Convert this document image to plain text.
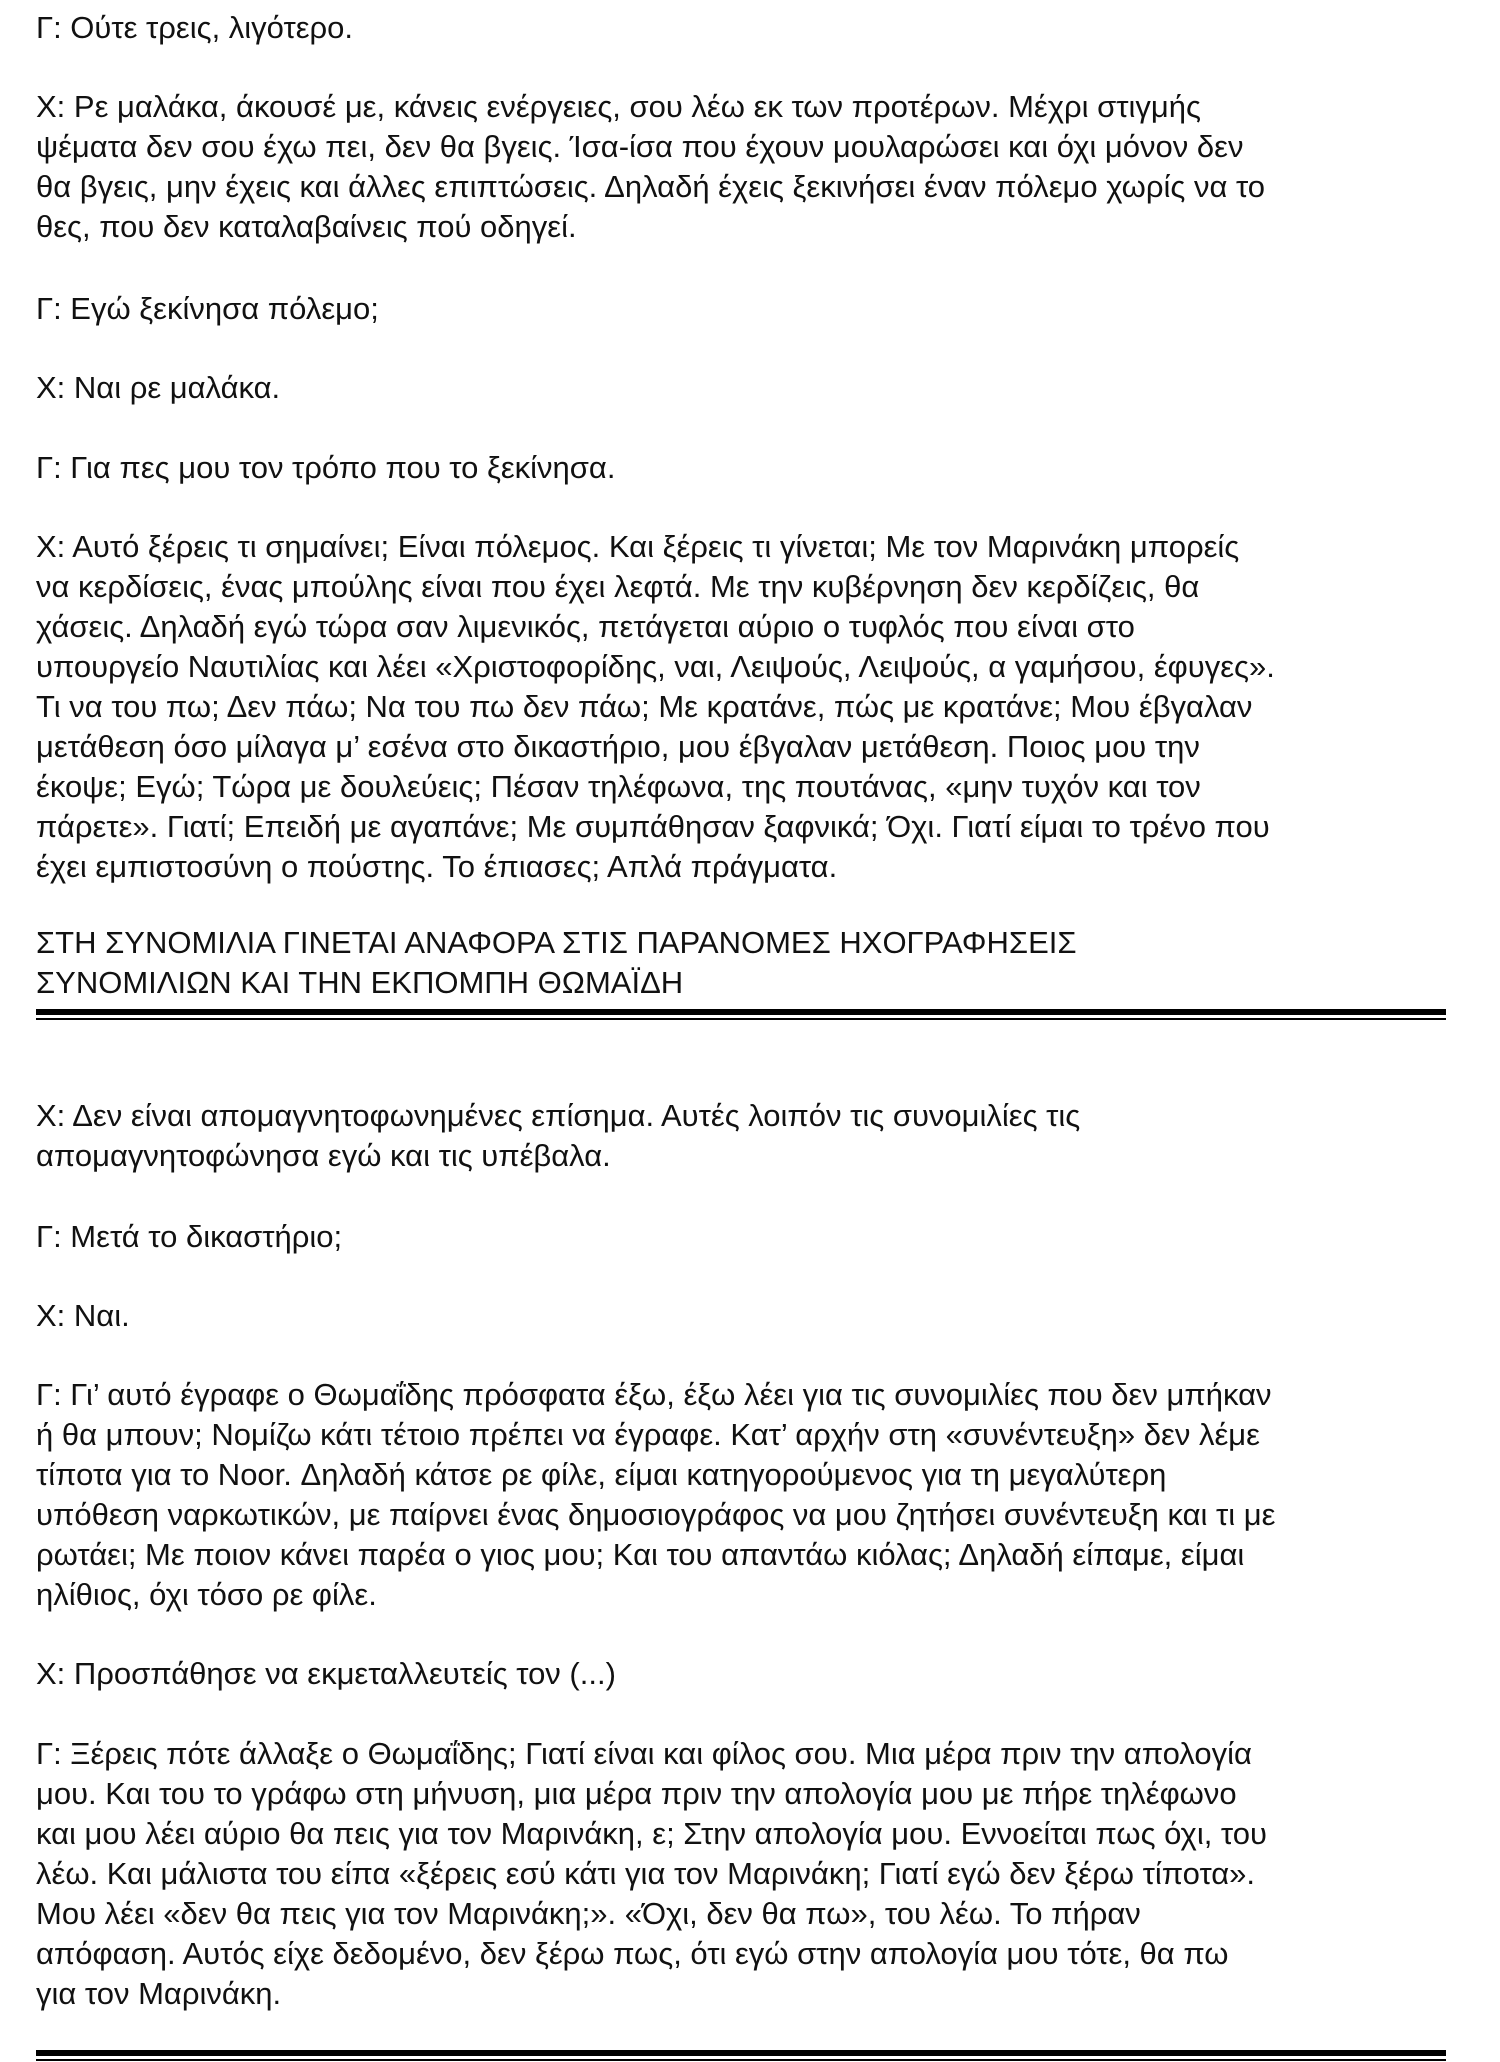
Γ: Ούτε τρεις, λιγότερο.

Χ: Ρε μαλάκα, άκουσέ με, κάνεις ενέργειες, σου λέω εκ των προτέρων. Μέχρι στιγμής
ψέματα δεν σου έχω πει, δεν θα βγεις. Ίσα-ίσα που έχουν μουλαρώσει και όχι μόνον δεν
θα βγεις, μην έχεις και άλλες επιπτώσεις. Δηλαδή έχεις ξεκινήσει έναν πόλεμο χωρίς να το
θες, που δεν καταλαβαίνεις πού οδηγεί.

Γ: Εγώ ξεκίνησα πόλεμο;

Χ: Ναι ρε μαλάκα.

Γ: Για πες μου τον τρόπο που το ξεκίνησα.

Χ: Αυτό ξέρεις τι σημαίνει; Είναι πόλεμος. Και ξέρεις τι γίνεται; Με τον Μαρινάκη μπορείς
να κερδίσεις, ένας μπούλης είναι που έχει λεφτά. Με την κυβέρνηση δεν κερδίζεις, θα
χάσεις. Δηλαδή εγώ τώρα σαν λιμενικός, πετάγεται αύριο ο τυφλός που είναι στο
υπουργείο Ναυτιλίας και λέει «Χριστοφορίδης, ναι, Λειψούς, Λειψούς, α γαμήσου, έφυγες».
Τι να του πω; Δεν πάω; Να του πω δεν πάω; Με κρατάνε, πώς με κρατάνε; Μου έβγαλαν
μετάθεση όσο μίλαγα μ’ εσένα στο δικαστήριο, μου έβγαλαν μετάθεση. Ποιος μου την
έκοψε; Εγώ; Τώρα με δουλεύεις; Πέσαν τηλέφωνα, της πουτάνας, «μην τυχόν και τον
πάρετε». Γιατί; Επειδή με αγαπάνε; Με συμπάθησαν ξαφνικά; Όχι. Γιατί είμαι το τρένο που
έχει εμπιστοσύνη ο πούστης. Το έπιασες; Απλά πράγματα.

ΣΤΗ ΣΥΝΟΜΙΛΙΑ ΓΙΝΕΤΑΙ ΑΝΑΦΟΡΑ ΣΤΙΣ ΠΑΡΑΝΟΜΕΣ ΗΧΟΓΡΑΦΗΣΕΙΣ
ΣΥΝΟΜΙΛΙΩΝ ΚΑΙ ΤΗΝ ΕΚΠΟΜΠΗ ΘΩΜΑΪΔΗ

Χ: Δεν είναι απομαγνητοφωνημένες επίσημα. Αυτές λοιπόν τις συνομιλίες τις
απομαγνητοφώνησα εγώ και τις υπέβαλα.

Γ: Μετά το δικαστήριο;

Χ: Ναι.

Γ: Γι’ αυτό έγραφε ο Θωμαΐδης πρόσφατα έξω, έξω λέει για τις συνομιλίες που δεν μπήκαν
ή θα μπουν; Νομίζω κάτι τέτοιο πρέπει να έγραφε. Κατ’ αρχήν στη «συνέντευξη» δεν λέμε
τίποτα για το Noor. Δηλαδή κάτσε ρε φίλε, είμαι κατηγορούμενος για τη μεγαλύτερη
υπόθεση ναρκωτικών, με παίρνει ένας δημοσιογράφος να μου ζητήσει συνέντευξη και τι με
ρωτάει; Με ποιον κάνει παρέα ο γιος μου; Και του απαντάω κιόλας; Δηλαδή είπαμε, είμαι
ηλίθιος, όχι τόσο ρε φίλε.

Χ: Προσπάθησε να εκμεταλλευτείς τον (...)

Γ: Ξέρεις πότε άλλαξε ο Θωμαΐδης; Γιατί είναι και φίλος σου. Μια μέρα πριν την απολογία
μου. Και του το γράφω στη μήνυση, μια μέρα πριν την απολογία μου με πήρε τηλέφωνο
και μου λέει αύριο θα πεις για τον Μαρινάκη, ε; Στην απολογία μου. Εννοείται πως όχι, του
λέω. Και μάλιστα του είπα «ξέρεις εσύ κάτι για τον Μαρινάκη; Γιατί εγώ δεν ξέρω τίποτα».
Μου λέει «δεν θα πεις για τον Μαρινάκη;». «Όχι, δεν θα πω», του λέω. Το πήραν
απόφαση. Αυτός είχε δεδομένο, δεν ξέρω πως, ότι εγώ στην απολογία μου τότε, θα πω
για τον Μαρινάκη.
